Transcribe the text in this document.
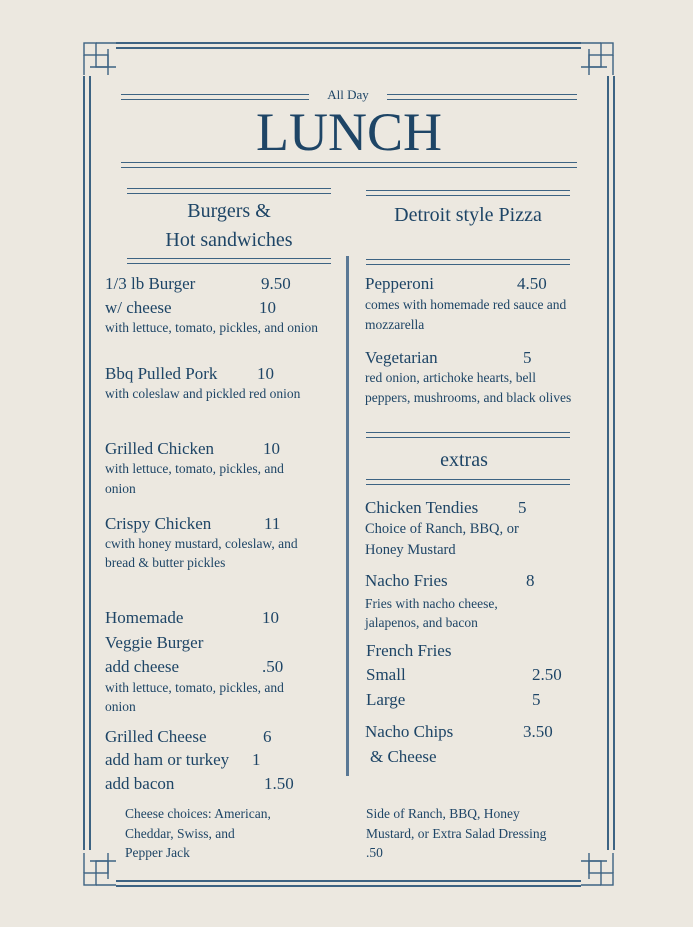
All Day
LUNCH
Burgers &
Hot sandwiches
1/3 lb Burger	9.50
w/ cheese	10
with lettuce, tomato, pickles, and onion
Bbq Pulled Pork 10
with coleslaw and pickled red onion
Grilled Chicken	10
with lettuce, tomato, pickles, and
onion
Crispy Chicken	11
cwith honey mustard, coleslaw, and
bread & butter pickles
Homemade	10
Veggie Burger
add cheese	.50
with lettuce, tomato, pickles, and
onion
Grilled Cheese	6
add ham or turkey 1
add bacon	1.50
Cheese choices: American,
Cheddar, Swiss, and
Pepper Jack
Detroit style Pizza
Pepperoni	4.50
comes with homemade red sauce and
mozzarella
Vegetarian	5
red onion, artichoke hearts, bell
peppers, mushrooms, and black olives
extras
Chicken Tendies 5
Choice of Ranch, BBQ, or
Honey Mustard
Nacho Fries	8
Fries with nacho cheese,
jalapenos, and bacon
French Fries
Small	2.50
Large	5
Nacho Chips	3.50
& Cheese
Side of Ranch, BBQ, Honey
Mustard, or Extra Salad Dressing
.50
